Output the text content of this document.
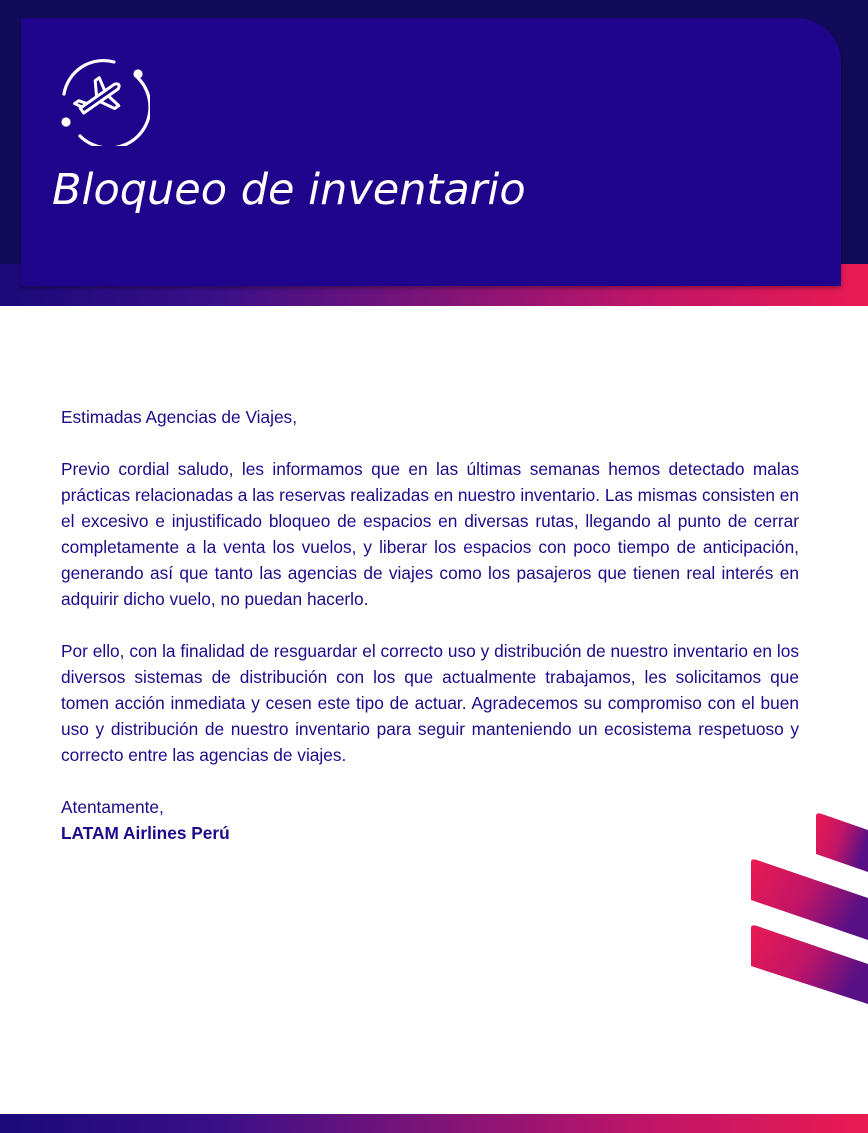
Bloqueo de inventario

Estimadas Agencias de Viajes,

Previo cordial saludo, les informamos que en las últimas semanas hemos detectado malas prácticas relacionadas a las reservas realizadas en nuestro inventario. Las mismas consisten en el excesivo e injustificado bloqueo de espacios en diversas rutas, llegando al punto de cerrar completamente a la venta los vuelos, y liberar los espacios con poco tiempo de anticipación, generando así que tanto las agencias de viajes como los pasajeros que tienen real interés en adquirir dicho vuelo, no puedan hacerlo.

Por ello, con la finalidad de resguardar el correcto uso y distribución de nuestro inventario en los diversos sistemas de distribución con los que actualmente trabajamos, les solicitamos que tomen acción inmediata y cesen este tipo de actuar. Agradecemos su compromiso con el buen uso y distribución de nuestro inventario para seguir manteniendo un ecosistema respetuoso y correcto entre las agencias de viajes.

Atentamente,
LATAM Airlines Perú
